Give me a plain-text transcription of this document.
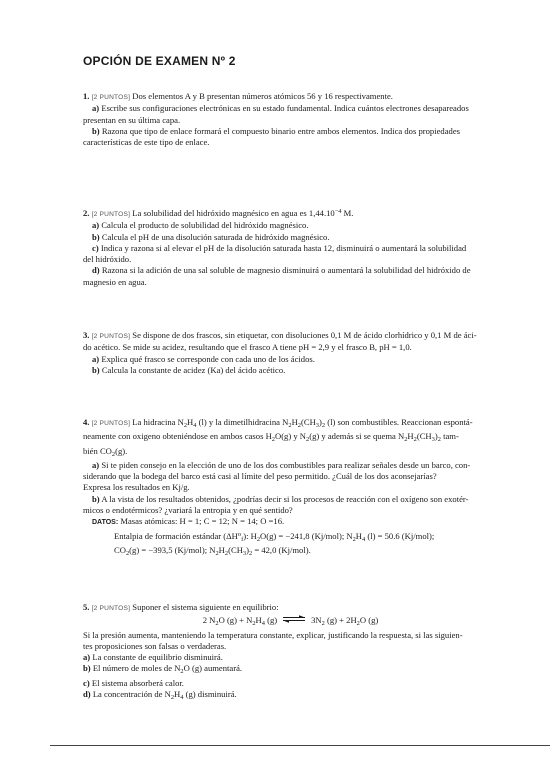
OPCIÓN DE EXAMEN Nº 2

1. [2 PUNTOS] Dos elementos A y B presentan números atómicos 56 y 16 respectivamente.

a) Escribe sus configuraciones electrónicas en su estado fundamental. Indica cuántos electrones desapareados

presentan en su última capa.

b) Razona que tipo de enlace formará el compuesto binario entre ambos elementos. Indica dos propiedades

características de este tipo de enlace.

2. [2 PUNTOS] La solubilidad del hidróxido magnésico en agua es $1,44.10^{-4}$ M.

a) Calcula el producto de solubilidad del hidróxido magnésico.

b) Calcula el pH de una disolución saturada de hidróxido magnésico.

c) Indica y razona si al elevar el pH de la disolución saturada hasta 12, disminuirá o aumentará la solubilidad

del hidróxido.

d) Razona si la adición de una sal soluble de magnesio disminuirá o aumentará la solubilidad del hidróxido de

magnesio en agua.

3. [2 PUNTOS] Se dispone de dos frascos, sin etiquetar, con disoluciones 0,1 M de ácido clorhídrico y 0,1 M de áci-

do acético. Se mide su acidez, resultando que el frasco A tiene pH = 2,9 y el frasco B, pH = 1,0.

a) Explica qué frasco se corresponde con cada uno de los ácidos.

b) Calcula la constante de acidez (Ka) del ácido acético.

4. [2 PUNTOS] La hidracina $N_2H_4$ (l) y la dimetilhidracina $N_2H_2(CH_3)_2$ (l) son combustibles. Reaccionan espontá-

neamente con oxigeno obteniéndose en ambos casos $H_2O(g)$ y $N_2(g)$ y además si se quema $N_2H_2(CH_3)_2$ tam-

bién $CO_2(g)$.

a) Si te piden consejo en la elección de uno de los dos combustibles para realizar señales desde un barco, con-

siderando que la bodega del barco está casi al límite del peso permitido. ¿Cuál de los dos aconsejarías?

Expresa los resultados en Kj/g.

b) A la vista de los resultados obtenidos, ¿podrías decir si los procesos de reacción con el oxígeno son exotér-

micos o endotérmicos? ¿variará la entropia y en qué sentido?

DATOS: Masas atómicas: H = 1; C = 12; N = 14; O =16.

Entalpia de formación estándar $(\Delta H^o_f)$: $H_2O(g) = -241,8$ (Kj/mol); $N_2H_4$ (l) = 50.6 (Kj/mol);

$CO_2(g) = -393,5$ (Kj/mol); $N_2H_2(CH_3)_2 = 42,0$ (Kj/mol).

5. [2 PUNTOS] Suponer el sistema siguiente en equilibrio:

2 $N_2O$ $(g) + N_2H_4$ (g) ⇌ $3N_2$ $(g) + 2H_2O$ (g)

Si la presión aumenta, manteniendo la temperatura constante, explicar, justificando la respuesta, si las siguien-

tes proposiciones son falsas o verdaderas.

a) La constante de equilibrio disminuirá.

b) El número de moles de $N_2O$ (g) aumentará.

c) El sistema absorberá calor.

d) La concentración de $N_2H_4$ (g) disminuirá.
